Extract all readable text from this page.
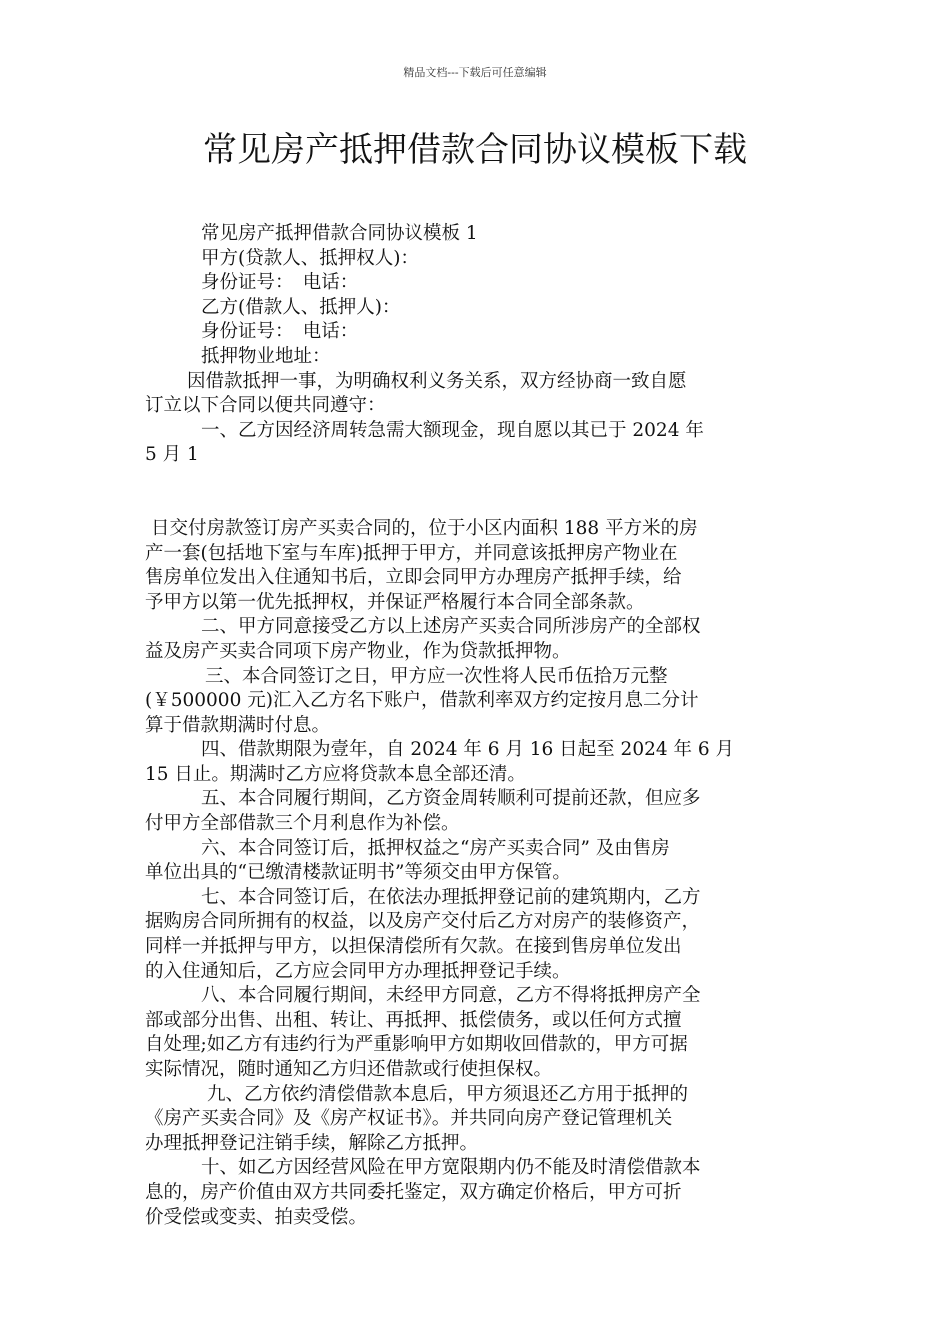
精品文档---下载后可任意编辑
常见房产抵押借款合同协议模板下载

常见房产抵押借款合同协议模板 1

甲方(贷款人、抵押权人)：

身份证号：　电话：

乙方(借款人、抵押人)：

身份证号：　电话：

抵押物业地址：

因借款抵押一事，为明确权利义务关系，双方经协商一致自愿

订立以下合同以便共同遵守：

一、乙方因经济周转急需大额现金，现自愿以其已于 2024 年

5 月 1

日交付房款签订房产买卖合同的，位于小区内面积 188 平方米的房

产一套(包括地下室与车库)抵押于甲方，并同意该抵押房产物业在

售房单位发出入住通知书后，立即会同甲方办理房产抵押手续，给

予甲方以第一优先抵押权，并保证严格履行本合同全部条款。

二、甲方同意接受乙方以上述房产买卖合同所涉房产的全部权

益及房产买卖合同项下房产物业，作为贷款抵押物。

三、本合同签订之日，甲方应一次性将人民币伍拾万元整

(￥500000 元)汇入乙方名下账户，借款利率双方约定按月息二分计

算于借款期满时付息。

四、借款期限为壹年，自 2024 年 6 月 16 日起至 2024 年 6 月

15 日止。期满时乙方应将贷款本息全部还清。

五、本合同履行期间，乙方资金周转顺利可提前还款，但应多

付甲方全部借款三个月利息作为补偿。

六、本合同签订后，抵押权益之“房产买卖合同” 及由售房

单位出具的“已缴清楼款证明书”等须交由甲方保管。

七、本合同签订后，在依法办理抵押登记前的建筑期内，乙方

据购房合同所拥有的权益，以及房产交付后乙方对房产的装修资产，

同样一并抵押与甲方，以担保清偿所有欠款。在接到售房单位发出

的入住通知后，乙方应会同甲方办理抵押登记手续。

八、本合同履行期间，未经甲方同意，乙方不得将抵押房产全

部或部分出售、出租、转让、再抵押、抵偿债务，或以任何方式擅

自处理;如乙方有违约行为严重影响甲方如期收回借款的，甲方可据

实际情况，随时通知乙方归还借款或行使担保权。

九、乙方依约清偿借款本息后，甲方须退还乙方用于抵押的

《房产买卖合同》及《房产权证书》。并共同向房产登记管理机关

办理抵押登记注销手续，解除乙方抵押。

十、如乙方因经营风险在甲方宽限期内仍不能及时清偿借款本

息的，房产价值由双方共同委托鉴定，双方确定价格后，甲方可折

价受偿或变卖、拍卖受偿。
